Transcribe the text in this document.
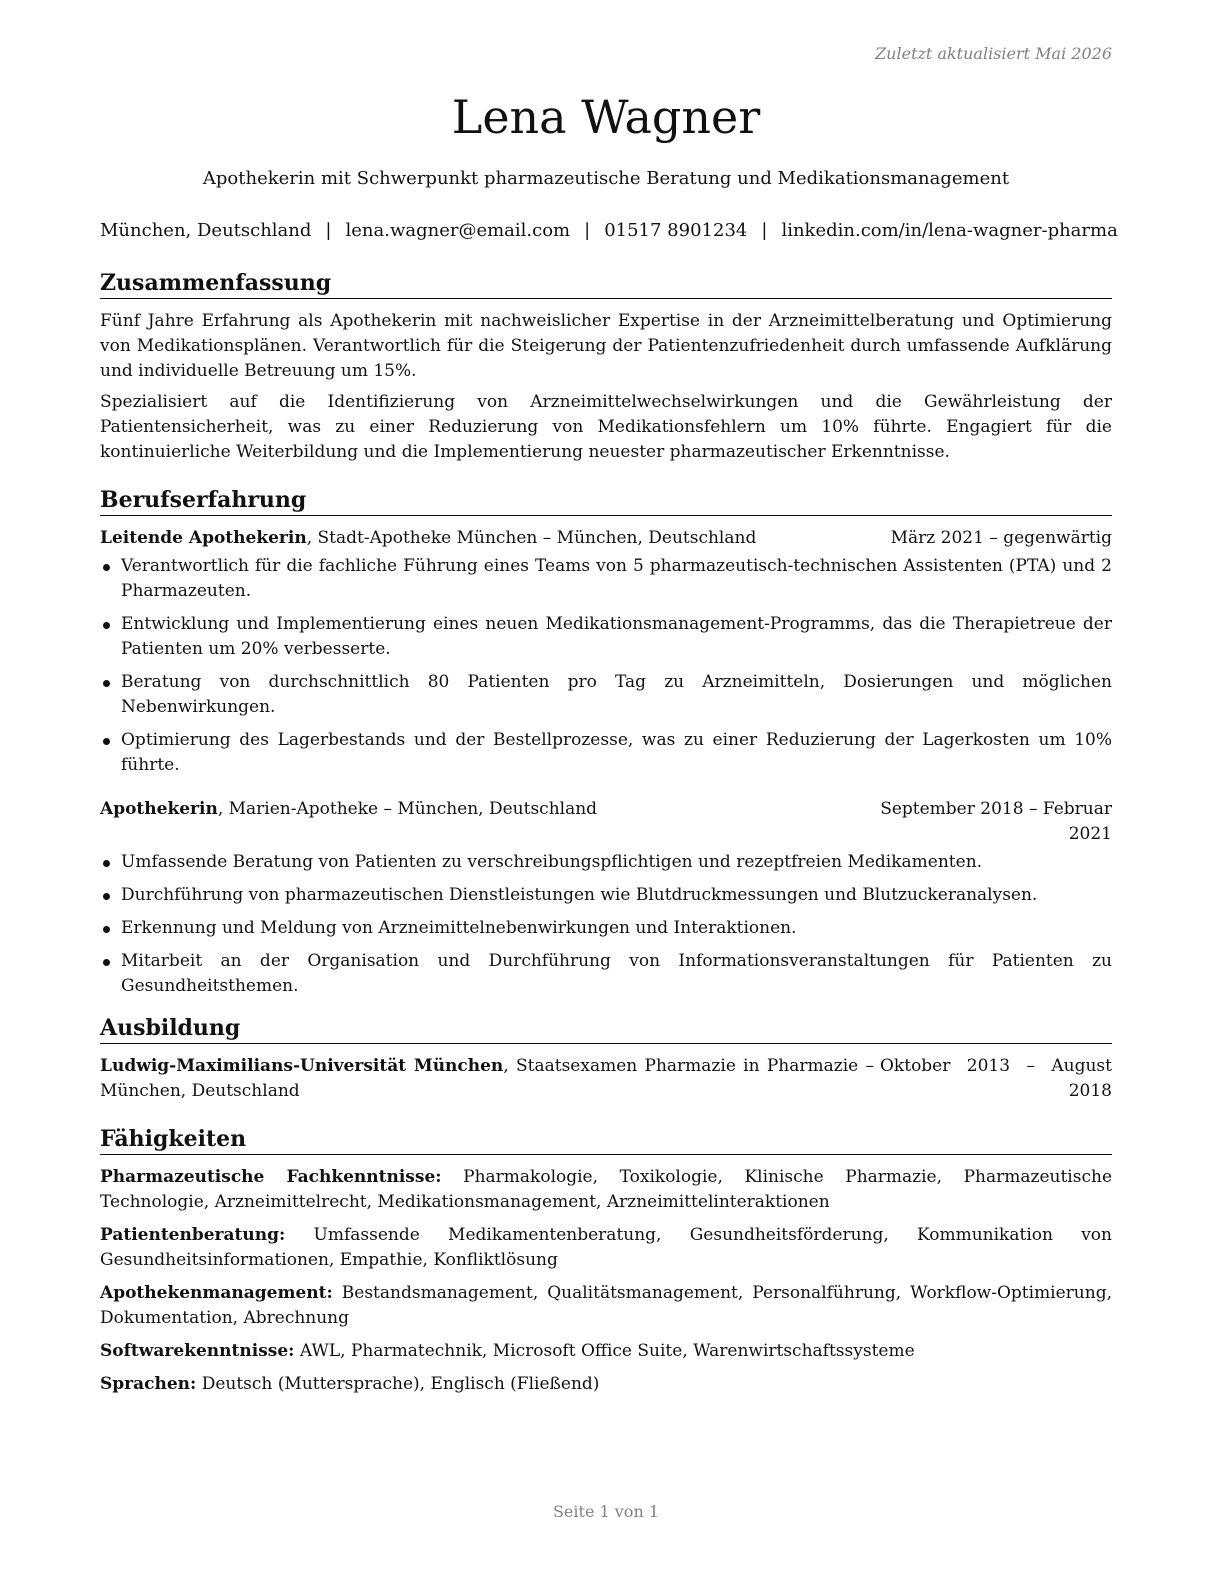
Zuletzt aktualisiert Mai 2026
Lena Wagner
Apothekerin mit Schwerpunkt pharmazeutische Beratung und Medikationsmanagement
München, Deutschland | lena.wagner@email.com | 01517 8901234 | linkedin.com/in/lena-wagner-pharma
Zusammenfassung

Fünf Jahre Erfahrung als Apothekerin mit nachweislicher Expertise in der Arzneimittelberatung und Optimierung von Medikationsplänen. Verantwortlich für die Steigerung der Patientenzufriedenheit durch umfassende Aufklärung und individuelle Betreuung um 15%.

Spezialisiert auf die Identifizierung von Arzneimittelwechselwirkungen und die Gewährleistung der Patientensicherheit, was zu einer Reduzierung von Medikationsfehlern um 10% führte. Engagiert für die kontinuierliche Weiterbildung und die Implementierung neuester pharmazeutischer Erkenntnisse.

Berufserfahrung
Leitende Apothekerin, Stadt-Apotheke München – München, Deutschland	März 2021 – gegenwärtig
Verantwortlich für die fachliche Führung eines Teams von 5 pharmazeutisch-technischen Assistenten (PTA) und 2 Pharmazeuten.
Entwicklung und Implementierung eines neuen Medikationsmanagement-Programms, das die Therapietreue der Patienten um 20% verbesserte.
Beratung von durchschnittlich 80 Patienten pro Tag zu Arzneimitteln, Dosierungen und möglichen Nebenwirkungen.
Optimierung des Lagerbestands und der Bestellprozesse, was zu einer Reduzierung der Lagerkosten um 10% führte.
Apothekerin, Marien-Apotheke – München, Deutschland	September 2018 – Februar 2021
Umfassende Beratung von Patienten zu verschreibungspflichtigen und rezeptfreien Medikamenten.
Durchführung von pharmazeutischen Dienstleistungen wie Blutdruckmessungen und Blutzuckeranalysen.
Erkennung und Meldung von Arzneimittelnebenwirkungen und Interaktionen.
Mitarbeit an der Organisation und Durchführung von Informationsveranstaltungen für Patienten zu Gesundheitsthemen.
Ausbildung
Ludwig-Maximilians-Universität München, Staatsexamen Pharmazie in Pharmazie – München, Deutschland
Oktober 2013 – August 2018
Fähigkeiten
Pharmazeutische Fachkenntnisse: Pharmakologie, Toxikologie, Klinische Pharmazie, Pharmazeutische Technologie, Arzneimittelrecht, Medikationsmanagement, Arzneimittelinteraktionen
Patientenberatung: Umfassende Medikamentenberatung, Gesundheitsförderung, Kommunikation von Gesundheitsinformationen, Empathie, Konfliktlösung
Apothekenmanagement: Bestandsmanagement, Qualitätsmanagement, Personalführung, Workflow-Optimierung, Dokumentation, Abrechnung
Softwarekenntnisse: AWL, Pharmatechnik, Microsoft Office Suite, Warenwirtschaftssysteme
Sprachen: Deutsch (Muttersprache), Englisch (Fließend)
Seite 1 von 1
